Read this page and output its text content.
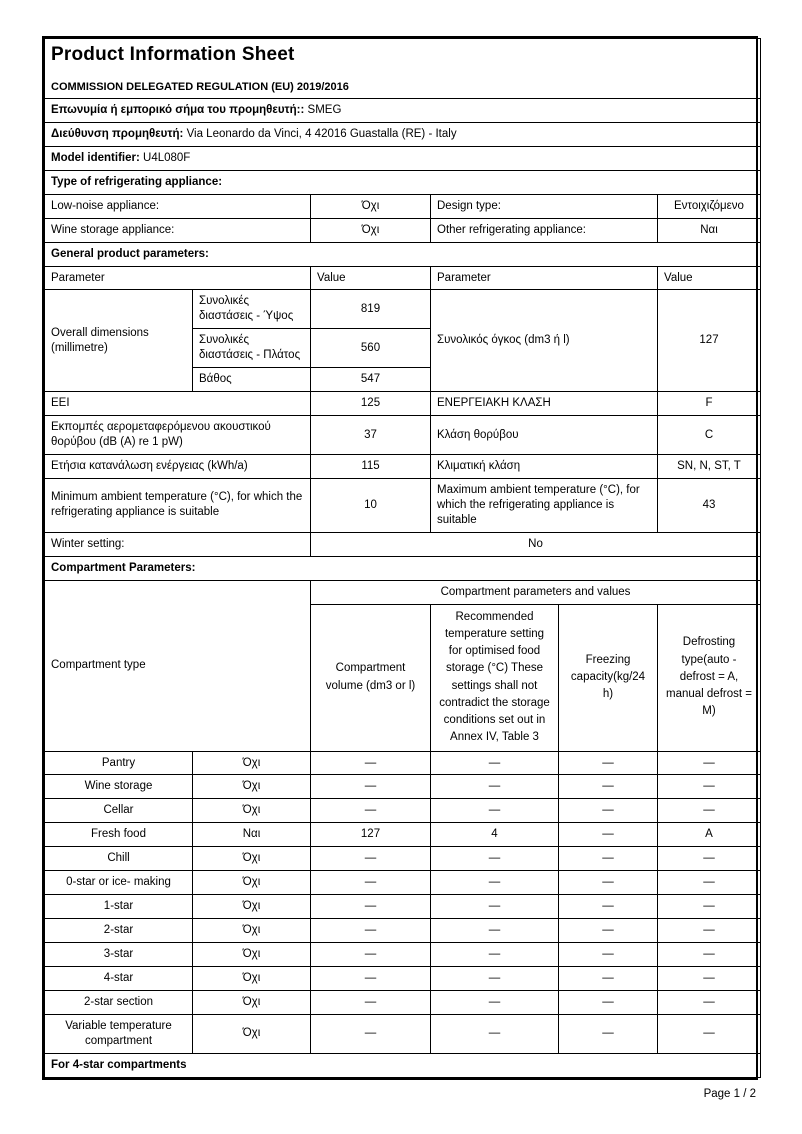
Product Information Sheet
COMMISSION DELEGATED REGULATION (EU) 2019/2016

Επωνυμία ή εμπορικό σήμα του προμηθευτή:: SMEG					
Διεύθυνση προμηθευτή: Via Leonardo da Vinci, 4 42016 Guastalla (RE) - Italy					
Model identifier: U4L080F					
Type of refrigerating appliance:					
Low-noise appliance:		Όχι	Design type:		Εντοιχιζόμενο
Wine storage appliance:		Όχι	Other refrigerating appliance:		Ναι
General product parameters:					
Parameter		Value	Parameter		Value
Overall dimensions (millimetre)	Συνολικές διαστάσεις - Ύψος	819	Συνολικός όγκος (dm3 ή l)		127
	Συνολικές διαστάσεις - Πλάτος	560			
	Βάθος	547			
EEI		125	ΕΝΕΡΓΕΙΑΚΗ ΚΛΑΣΗ		F
Εκπομπές αερομεταφερόμενου ακουστικού θορύβου (dB (A) re 1 pW)		37	Κλάση θορύβου		C
Ετήσια κατανάλωση ενέργειας (kWh/a)		115	Κλιματική κλάση		SN, N, ST, T
Minimum ambient temperature (°C), for which the refrigerating appliance is suitable		10	Maximum ambient temperature (°C), for which the refrigerating appliance is suitable		43
Winter setting:		No			
Compartment Parameters:					
Compartment type		Compartment parameters and values			
		Compartment volume (dm3 or l)	Recommended temperature setting for optimised food storage (°C) These settings shall not contradict the storage conditions set out in Annex IV, Table 3	Freezing capacity(kg/24 h)	Defrosting type(auto - defrost = A, manual defrost = M)
Pantry	Όχι	—	—	—	—
Wine storage	Όχι	—	—	—	—
Cellar	Όχι	—	—	—	—
Fresh food	Ναι	127	4	—	A
Chill	Όχι	—	—	—	—
0-star or ice- making	Όχι	—	—	—	—
1-star	Όχι	—	—	—	—
2-star	Όχι	—	—	—	—
3-star	Όχι	—	—	—	—
4-star	Όχι	—	—	—	—
2-star section	Όχι	—	—	—	—
Variable temperature compartment	Όχι	—	—	—	—
For 4-star compartments					
Page 1 / 2
